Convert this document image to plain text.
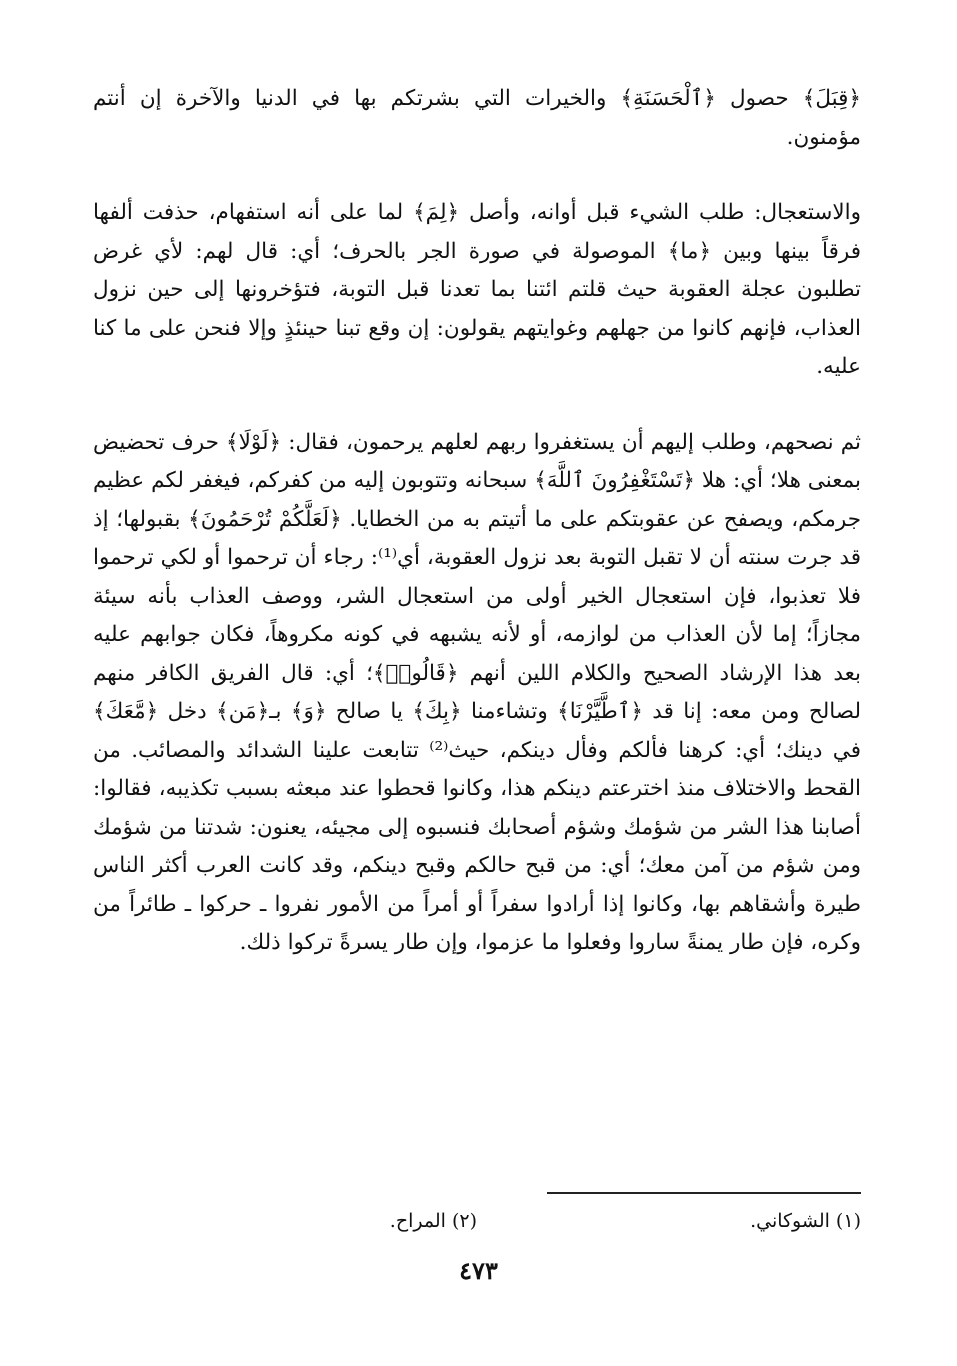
﴿قِبَلَ﴾ حصول ﴿ٱلْحَسَنَةِ﴾ والخيرات التي بشرتكم بها في الدنيا والآخرة إن أنتم مؤمنون.

والاستعجال: طلب الشيء قبل أوانه، وأصل ﴿لِمَ﴾ لما على أنه استفهام، حذفت ألفها فرقاً بينها وبين ﴿ما﴾ الموصولة في صورة الجر بالحرف؛ أي: قال لهم: لأي غرض تطلبون عجلة العقوبة حيث قلتم ائتنا بما تعدنا قبل التوبة، فتؤخرونها إلى حين نزول العذاب، فإنهم كانوا من جهلهم وغوايتهم يقولون: إن وقع تبنا حينئذٍ وإلا فنحن على ما كنا عليه.

ثم نصحهم، وطلب إليهم أن يستغفروا ربهم لعلهم يرحمون، فقال: ﴿لَوْلَا﴾ حرف تحضيض بمعنى هلا؛ أي: هلا ﴿تَسْتَغْفِرُونَ ٱللَّهَ﴾ سبحانه وتتوبون إليه من كفركم، فيغفر لكم عظيم جرمكم، ويصفح عن عقوبتكم على ما أتيتم به من الخطايا. ﴿لَعَلَّكُمْ تُرْحَمُونَ﴾ بقبولها؛ إذ قد جرت سنته أن لا تقبل التوبة بعد نزول العقوبة، أي⁽¹⁾: رجاء أن ترحموا أو لكي ترحموا فلا تعذبوا، فإن استعجال الخير أولى من استعجال الشر، ووصف العذاب بأنه سيئة مجازاً؛ إما لأن العذاب من لوازمه، أو لأنه يشبهه في كونه مكروهاً، فكان جوابهم عليه بعد هذا الإرشاد الصحيح والكلام اللين أنهم ﴿قَالُوا۟﴾؛ أي: قال الفريق الكافر منهم لصالح ومن معه: إنا قد ﴿ٱطَّيَّرْنَا﴾ وتشاءمنا ﴿بِكَ﴾ يا صالح ﴿وَ﴾ بـ﴿مَن﴾ دخل ﴿مَّعَكَ﴾ في دينك؛ أي: كرهنا فألكم وفأل دينكم، حيث⁽²⁾ تتابعت علينا الشدائد والمصائب. من القحط والاختلاف منذ اخترعتم دينكم هذا، وكانوا قحطوا عند مبعثه بسبب تكذيبه، فقالوا: أصابنا هذا الشر من شؤمك وشؤم أصحابك فنسبوه إلى مجيئه، يعنون: شدتنا من شؤمك ومن شؤم من آمن معك؛ أي: من قبح حالكم وقبح دينكم، وقد كانت العرب أكثر الناس طيرة وأشقاهم بها، وكانوا إذا أرادوا سفراً أو أمراً من الأمور نفروا ـ حركوا ـ طائراً من وكره، فإن طار يمنةً ساروا وفعلوا ما عزموا، وإن طار يسرةً تركوا ذلك.

(١) الشوكاني.
(٢) المراح.
٤٧٣
